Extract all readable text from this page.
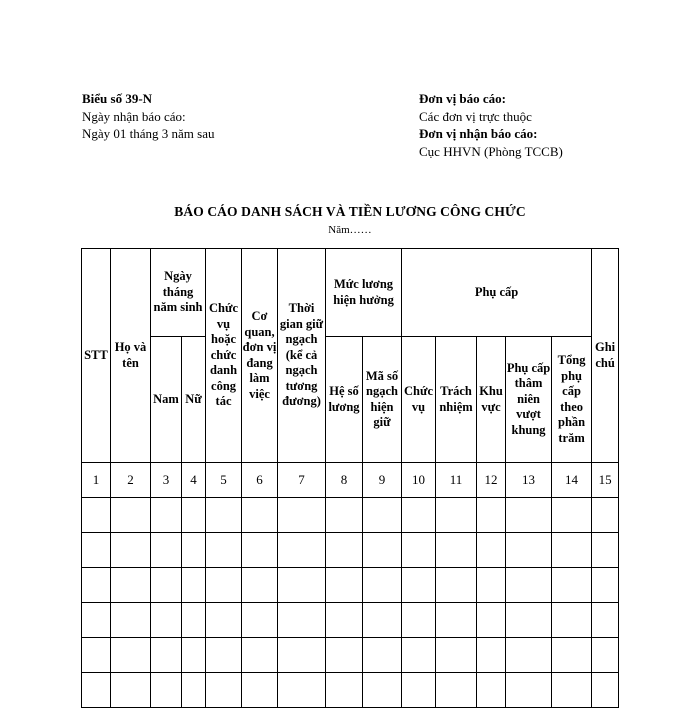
Biểu số 39-N
Ngày nhận báo cáo:
Ngày 01 tháng 3 năm sau
Đơn vị báo cáo:
Các đơn vị trực thuộc
Đơn vị nhận báo cáo:
Cục HHVN (Phòng TCCB)
BÁO CÁO DANH SÁCH VÀ TIỀN LƯƠNG CÔNG CHỨC
Năm……
STT	Họ và tên	Ngày tháng năm sinh		Chức vụ hoặc chức danh công tác	Cơ quan, đơn vị đang làm việc	Thời gian giữ ngạch (kể cả ngạch tương đương)	Mức lương hiện hưởng		Phụ cấp					Ghi chú
		Nam	Nữ				Hệ số lương	Mã số ngạch hiện giữ	Chức vụ	Trách nhiệm	Khu vực	Phụ cấp thâm niên vượt khung	Tổng phụ cấp theo phần trăm	
1	2	3	4	5	6	7	8	9	10	11	12	13	14	15
